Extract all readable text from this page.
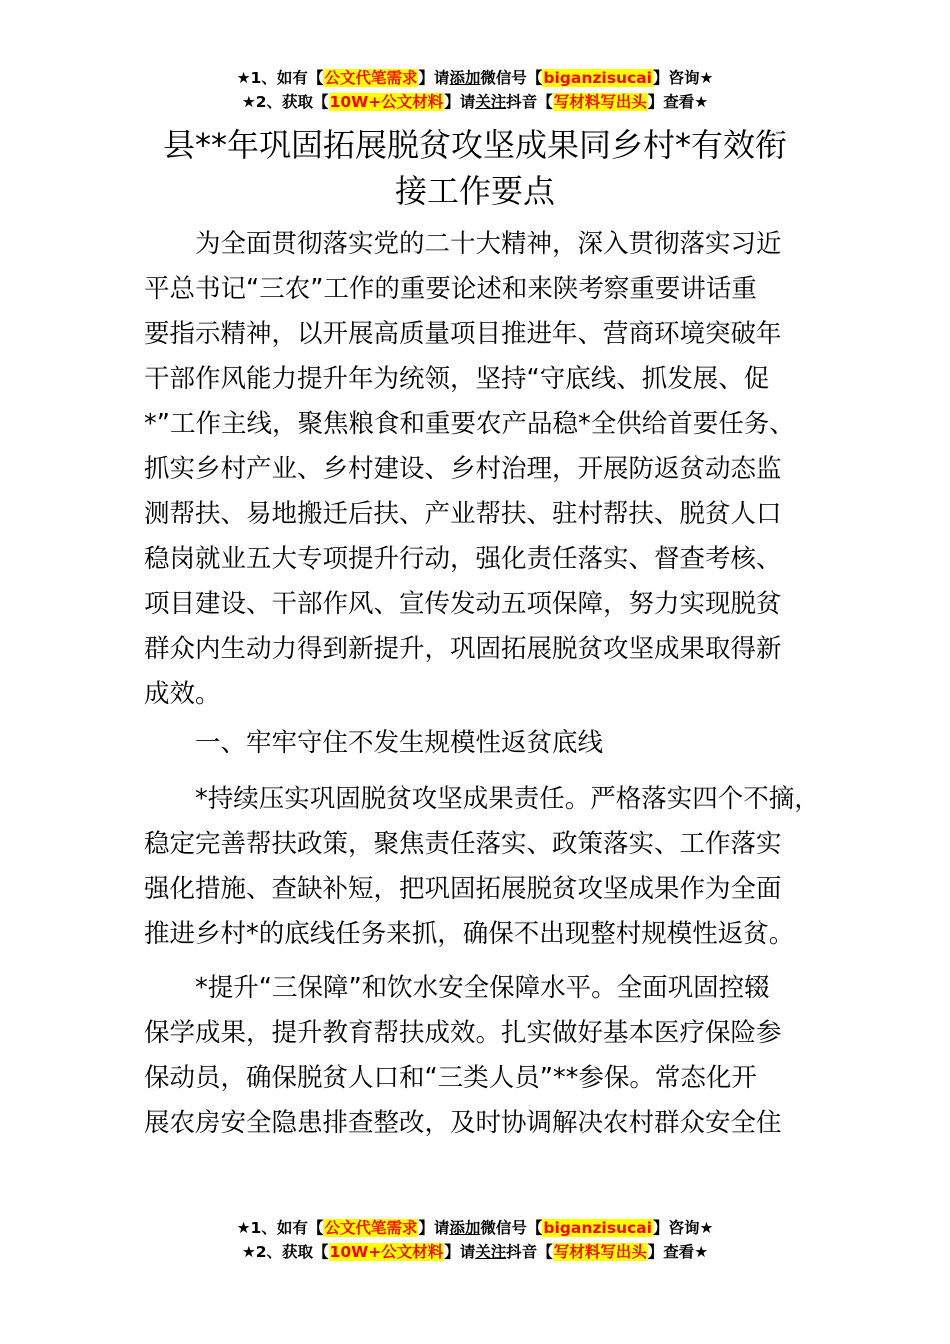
★1、如有【公文代笔需求】请添加微信号【biganzisucai】咨询★
★2、获取【10W+公文材料】请关注抖音【写材料写出头】查看★
县**年巩固拓展脱贫攻坚成果同乡村*有效衔
接工作要点
　　为全面贯彻落实党的二十大精神，深入贯彻落实习近
平总书记“三农”工作的重要论述和来陕考察重要讲话重
要指示精神，以开展高质量项目推进年、营商环境突破年
干部作风能力提升年为统领，坚持“守底线、抓发展、促
*”工作主线，聚焦粮食和重要农产品稳*全供给首要任务、
抓实乡村产业、乡村建设、乡村治理，开展防返贫动态监
测帮扶、易地搬迁后扶、产业帮扶、驻村帮扶、脱贫人口
稳岗就业五大专项提升行动，强化责任落实、督查考核、
项目建设、干部作风、宣传发动五项保障，努力实现脱贫
群众内生动力得到新提升，巩固拓展脱贫攻坚成果取得新
成效。
　　一、牢牢守住不发生规模性返贫底线
　　*持续压实巩固脱贫攻坚成果责任。严格落实四个不摘，
稳定完善帮扶政策，聚焦责任落实、政策落实、工作落实
强化措施、查缺补短，把巩固拓展脱贫攻坚成果作为全面
推进乡村*的底线任务来抓，确保不出现整村规模性返贫。
　　*提升“三保障”和饮水安全保障水平。全面巩固控辍
保学成果，提升教育帮扶成效。扎实做好基本医疗保险参
保动员，确保脱贫人口和“三类人员”**参保。常态化开
展农房安全隐患排查整改，及时协调解决农村群众安全住
★1、如有【公文代笔需求】请添加微信号【biganzisucai】咨询★
★2、获取【10W+公文材料】请关注抖音【写材料写出头】查看★
